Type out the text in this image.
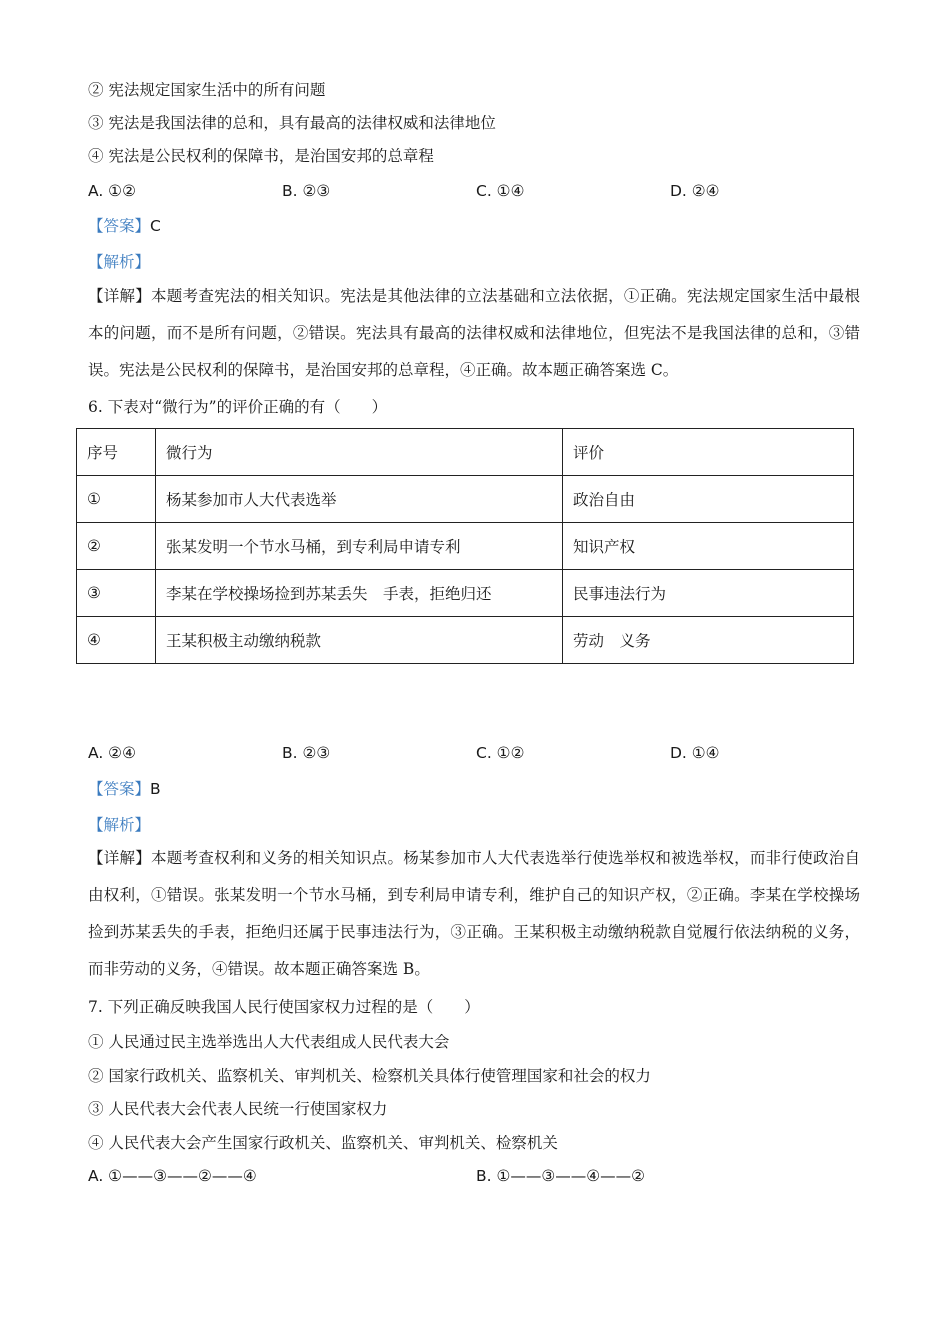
② 宪法规定国家生活中的所有问题
③ 宪法是我国法律的总和，具有最高的法律权威和法律地位
④ 宪法是公民权利的保障书，是治国安邦的总章程
A. ①②	B. ②③	C. ①④	D. ②④
【答案】C
【解析】
【详解】本题考查宪法的相关知识。宪法是其他法律的立法基础和立法依据，①正确。宪法规定国家生活中最根本的问题，而不是所有问题，②错误。宪法具有最高的法律权威和法律地位，但宪法不是我国法律的总和，③错误。宪法是公民权利的保障书，是治国安邦的总章程，④正确。故本题正确答案选 C。
6. 下表对“微行为”的评价正确的有（　　）
序号	微行为	评价
①	杨某参加市人大代表选举	政治自由
②	张某发明一个节水马桶，到专利局申请专利	知识产权
③	李某在学校操场捡到苏某丢失　手表，拒绝归还	民事违法行为
④	王某积极主动缴纳税款	劳动　义务
A. ②④	B. ②③	C. ①②	D. ①④
【答案】B
【解析】
【详解】本题考查权利和义务的相关知识点。杨某参加市人大代表选举行使选举权和被选举权，而非行使政治自由权利，①错误。张某发明一个节水马桶，到专利局申请专利，维护自己的知识产权，②正确。李某在学校操场捡到苏某丢失的手表，拒绝归还属于民事违法行为，③正确。王某积极主动缴纳税款自觉履行依法纳税的义务，而非劳动的义务，④错误。故本题正确答案选 B。
7. 下列正确反映我国人民行使国家权力过程的是（　　）
① 人民通过民主选举选出人大代表组成人民代表大会
② 国家行政机关、监察机关、审判机关、检察机关具体行使管理国家和社会的权力
③ 人民代表大会代表人民统一行使国家权力
④ 人民代表大会产生国家行政机关、监察机关、审判机关、检察机关
A. ①——③——②——④	B. ①——③——④——②
